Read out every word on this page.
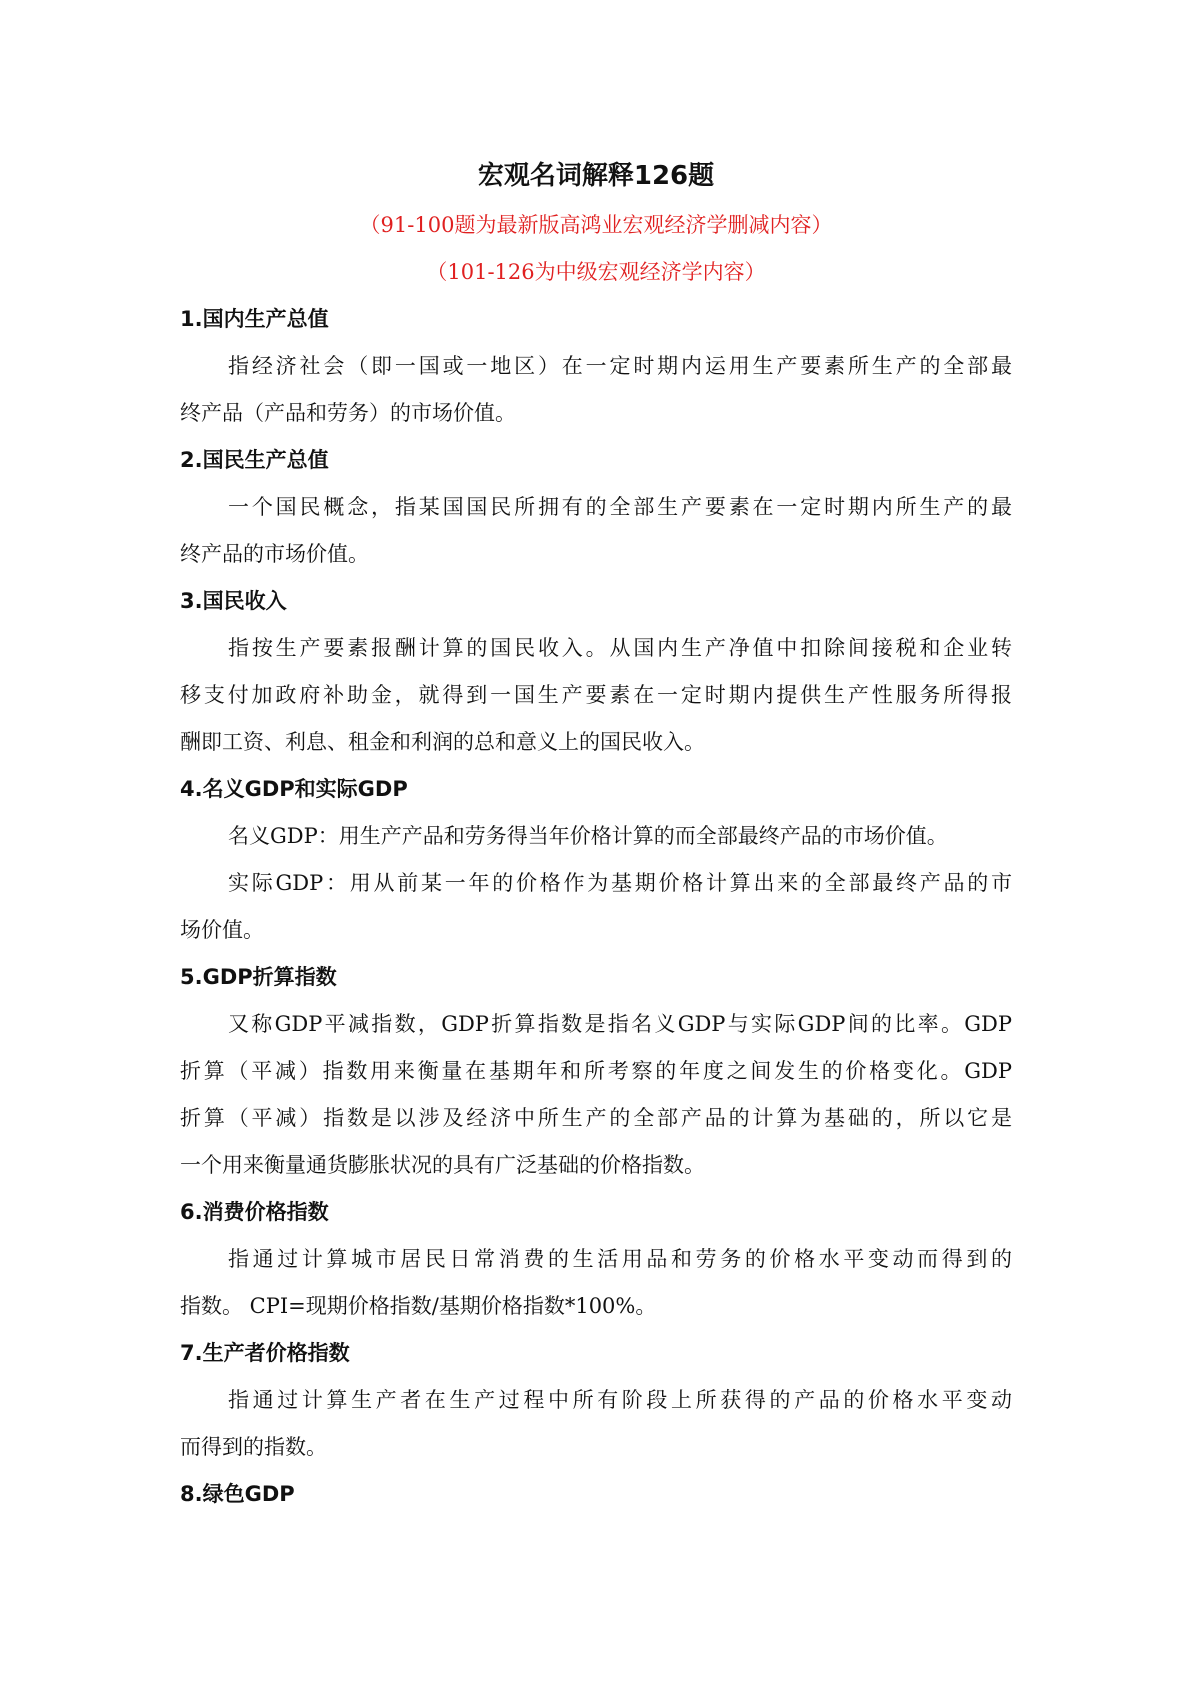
宏观名词解释126题
（91-100题为最新版高鸿业宏观经济学删减内容）
（101-126为中级宏观经济学内容）
1.国内生产总值
指经济社会（即一国或一地区）在一定时期内运用生产要素所生产的全部最
终产品（产品和劳务）的市场价值。
2.国民生产总值
一个国民概念，指某国国民所拥有的全部生产要素在一定时期内所生产的最
终产品的市场价值。
3.国民收入
指按生产要素报酬计算的国民收入。从国内生产净值中扣除间接税和企业转
移支付加政府补助金，就得到一国生产要素在一定时期内提供生产性服务所得报
酬即工资、利息、租金和利润的总和意义上的国民收入。
4.名义GDP和实际GDP
名义GDP：用生产产品和劳务得当年价格计算的而全部最终产品的市场价值。
实际GDP：用从前某一年的价格作为基期价格计算出来的全部最终产品的市
场价值。
5.GDP折算指数
又称GDP平减指数，GDP折算指数是指名义GDP与实际GDP间的比率。GDP
折算（平减）指数用来衡量在基期年和所考察的年度之间发生的价格变化。GDP
折算（平减）指数是以涉及经济中所生产的全部产品的计算为基础的，所以它是
一个用来衡量通货膨胀状况的具有广泛基础的价格指数。
6.消费价格指数
指通过计算城市居民日常消费的生活用品和劳务的价格水平变动而得到的
指数。 CPI=现期价格指数/基期价格指数*100%。
7.生产者价格指数
指通过计算生产者在生产过程中所有阶段上所获得的产品的价格水平变动
而得到的指数。
8.绿色GDP
